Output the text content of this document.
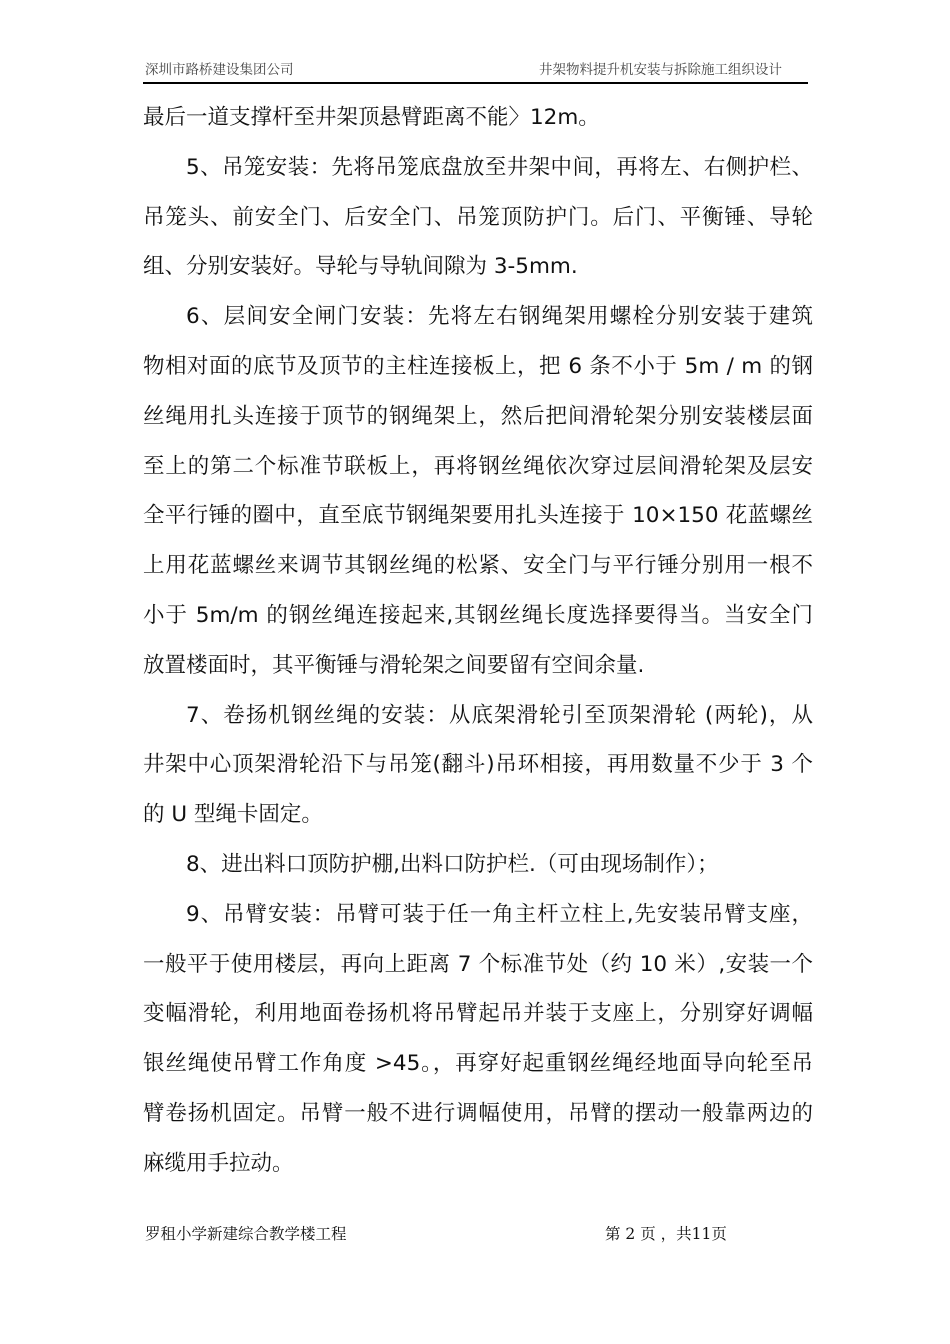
深圳市路桥建设集团公司	井架物料提升机安装与拆除施工组织设计
最后一道支撑杆至井架顶悬臂距离不能〉12m。
5、吊笼安装：先将吊笼底盘放至井架中间，再将左、右侧护栏、
吊笼头、前安全门、后安全门、吊笼顶防护门。后门、平衡锤、导轮
组、分别安装好。导轮与导轨间隙为 3-5mm.
6、层间安全闸门安装：先将左右钢绳架用螺栓分别安装于建筑
物相对面的底节及顶节的主柱连接板上，把 6 条不小于 5m / m 的钢
丝绳用扎头连接于顶节的钢绳架上，然后把间滑轮架分别安装楼层面
至上的第二个标准节联板上，再将钢丝绳依次穿过层间滑轮架及层安
全平行锤的圈中，直至底节钢绳架要用扎头连接于 10×150 花蓝螺丝
上用花蓝螺丝来调节其钢丝绳的松紧、安全门与平行锤分别用一根不
小于 5m/m 的钢丝绳连接起来,其钢丝绳长度选择要得当。当安全门
放置楼面时，其平衡锤与滑轮架之间要留有空间余量.
7、卷扬机钢丝绳的安装：从底架滑轮引至顶架滑轮 (两轮)，从
井架中心顶架滑轮沿下与吊笼(翻斗)吊环相接，再用数量不少于 3 个
的 U 型绳卡固定。
8、进出料口顶防护棚,出料口防护栏.（可由现场制作）；
9、吊臂安装：吊臂可装于任一角主杆立柱上,先安装吊臂支座，
一般平于使用楼层，再向上距离 7 个标准节处（约 10 米）,安装一个
变幅滑轮，利用地面卷扬机将吊臂起吊并装于支座上，分别穿好调幅
银丝绳使吊臂工作角度 >45。，再穿好起重钢丝绳经地面导向轮至吊
臂卷扬机固定。吊臂一般不进行调幅使用，吊臂的摆动一般靠两边的
麻缆用手拉动。
罗租小学新建综合教学楼工程	第 2 页 ，共11页
